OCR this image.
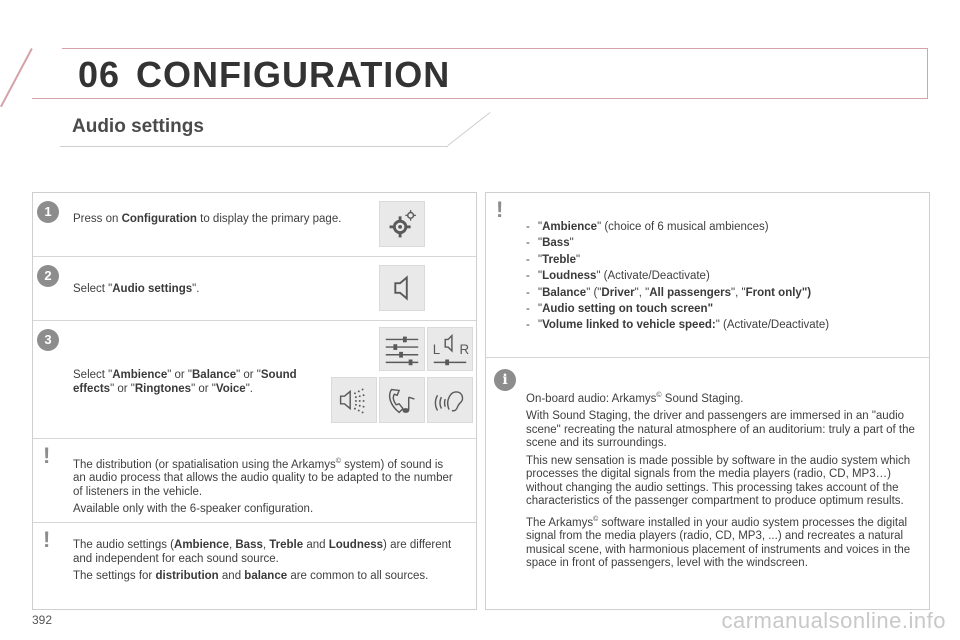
06 CONFIGURATION
Audio settings
1	Press on Configuration to display the primary page.
2
Select "Audio settings".
3
Select "Ambience" or "Balance" or "Sound effects" or "Ringtones" or "Voice".
L R
! The distribution (or spatialisation using the Arkamys© system) of sound is an audio process that allows the audio quality to be adapted to the number of listeners in the vehicle.

Available only with the 6-speaker configuration.

! The audio settings (Ambience, Bass, Treble and Loudness) are different and independent for each sound source.

The settings for distribution and balance are common to all sources.

!
- "Ambience" (choice of 6 musical ambiences)
- "Bass"
- "Treble"
- "Loudness" (Activate/Deactivate)
- "Balance" ("Driver", "All passengers", "Front only")
- "Audio setting on touch screen"
- "Volume linked to vehicle speed:" (Activate/Deactivate)
i

On-board audio: Arkamys© Sound Staging.

With Sound Staging, the driver and passengers are immersed in an "audio scene" recreating the natural atmosphere of an auditorium: truly a part of the scene and its surroundings.

This new sensation is made possible by software in the audio system which processes the digital signals from the media players (radio, CD, MP3…) without changing the audio settings. This processing takes account of the characteristics of the passenger compartment to produce optimum results.

The Arkamys© software installed in your audio system processes the digital signal from the media players (radio, CD, MP3, ...) and recreates a natural musical scene, with harmonious placement of instruments and voices in the space in front of passengers, level with the windscreen.

392	carmanualsonline.info
